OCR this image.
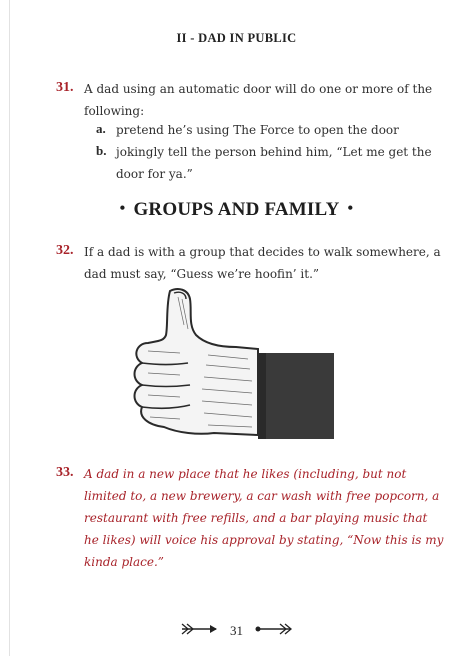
II - DAD IN PUBLIC
31. A dad using an automatic door will do one or more of the
following:
a. pretend he’s using The Force to open the door
b. jokingly tell the person behind him, “Let me get the
door for ya.”
• GROUPS AND FAMILY •
32. If a dad is with a group that decides to walk somewhere, a
dad must say, “Guess we’re hoofin’ it.”
33. A dad in a new place that he likes (including, but not
limited to, a new brewery, a car wash with free popcorn, a
restaurant with free refills, and a bar playing music that
he likes) will voice his approval by stating, “Now this is my
kinda place.”
31
